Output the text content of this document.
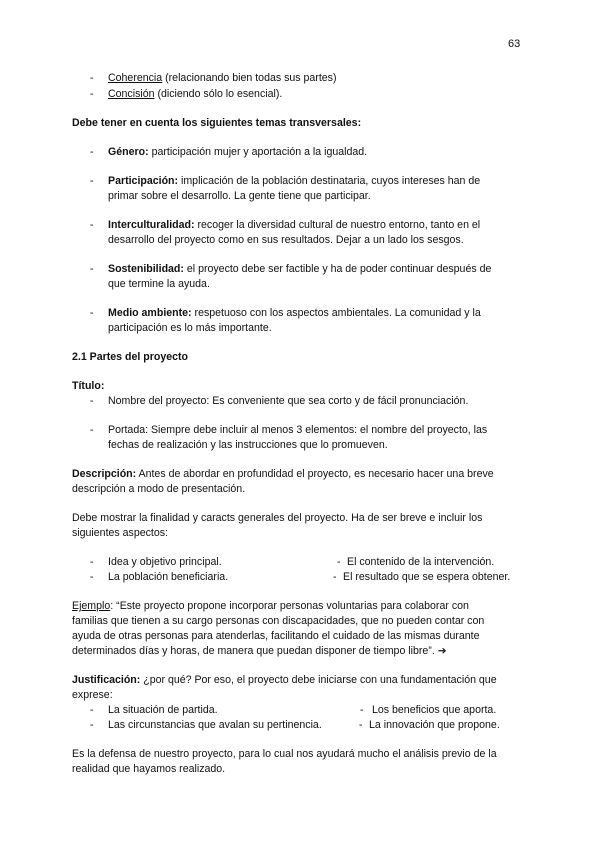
63
- Coherencia (relacionando bien todas sus partes)
- Concisión (diciendo sólo lo esencial).
Debe tener en cuenta los siguientes temas transversales:
- Género: participación mujer y aportación a la igualdad.
- Participación: implicación de la población destinataria, cuyos intereses han de
primar sobre el desarrollo. La gente tiene que participar.
- Interculturalidad: recoger la diversidad cultural de nuestro entorno, tanto en el
desarrollo del proyecto como en sus resultados. Dejar a un lado los sesgos.
- Sostenibilidad: el proyecto debe ser factible y ha de poder continuar después de
que termine la ayuda.
- Medio ambiente: respetuoso con los aspectos ambientales. La comunidad y la
participación es lo más importante.
2.1 Partes del proyecto
Título:
- Nombre del proyecto: Es conveniente que sea corto y de fácil pronunciación.
- Portada: Siempre debe incluir al menos 3 elementos: el nombre del proyecto, las
fechas de realización y las instrucciones que lo promueven.
Descripción: Antes de abordar en profundidad el proyecto, es necesario hacer una breve
descripción a modo de presentación.
Debe mostrar la finalidad y caracts generales del proyecto. Ha de ser breve e incluir los
siguientes aspectos:
- Idea y objetivo principal.	- El contenido de la intervención.
- La población beneficiaria.	- El resultado que se espera obtener.
Ejemplo: “Este proyecto propone incorporar personas voluntarias para colaborar con
familias que tienen a su cargo personas con discapacidades, que no pueden contar con
ayuda de otras personas para atenderlas, facilitando el cuidado de las mismas durante
determinados días y horas, de manera que puedan disponer de tiempo libre”. ➔
Justificación: ¿por qué? Por eso, el proyecto debe iniciarse con una fundamentación que
exprese:
- La situación de partida.	- Los beneficios que aporta.
- Las circunstancias que avalan su pertinencia.	- La innovación que propone.
Es la defensa de nuestro proyecto, para lo cual nos ayudará mucho el análisis previo de la
realidad que hayamos realizado.
